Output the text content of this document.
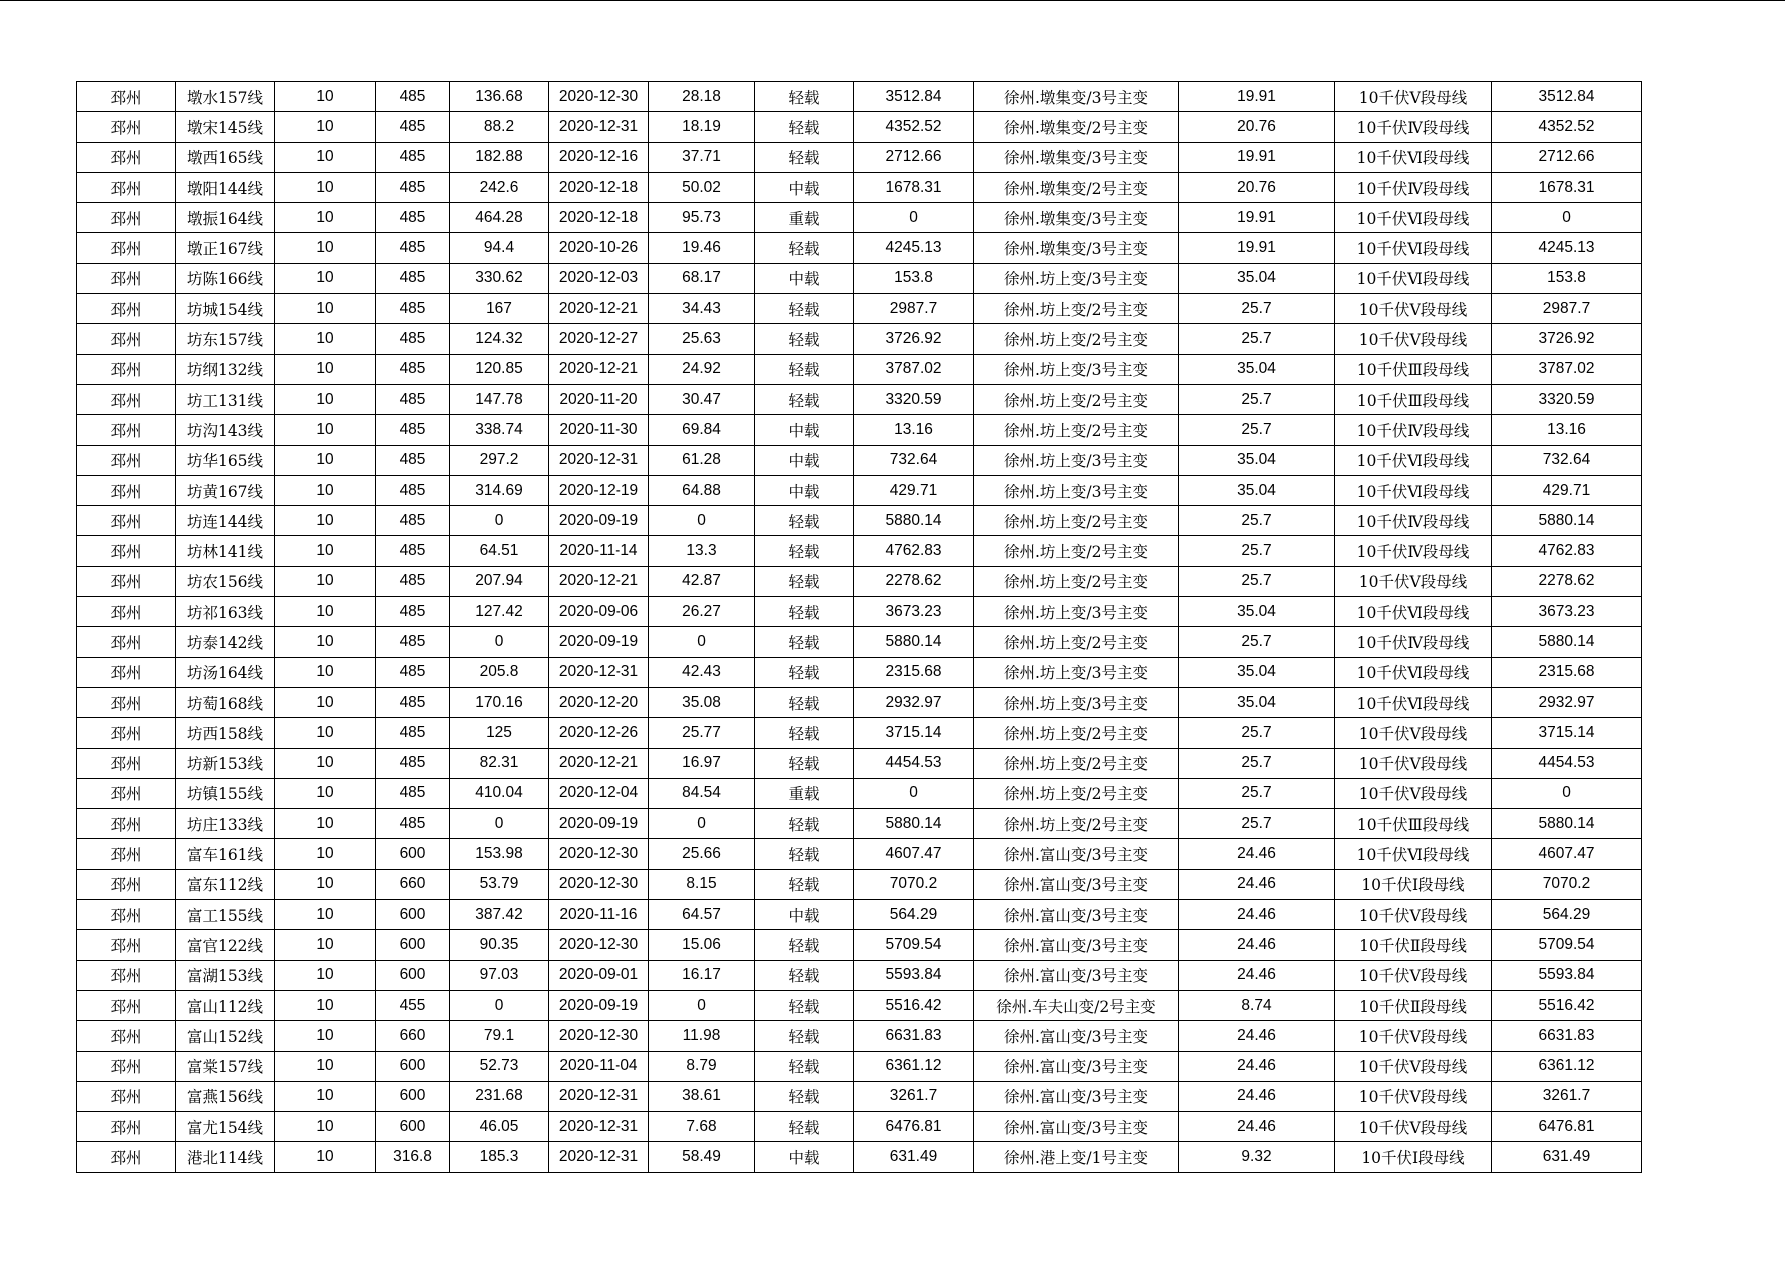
邳州	墩水157线	10	485	136.68	2020-12-30	28.18	轻载	3512.84	徐州.墩集变/3号主变	19.91	10千伏Ⅴ段母线	3512.84
邳州	墩宋145线	10	485	88.2	2020-12-31	18.19	轻载	4352.52	徐州.墩集变/2号主变	20.76	10千伏Ⅳ段母线	4352.52
邳州	墩西165线	10	485	182.88	2020-12-16	37.71	轻载	2712.66	徐州.墩集变/3号主变	19.91	10千伏Ⅵ段母线	2712.66
邳州	墩阳144线	10	485	242.6	2020-12-18	50.02	中载	1678.31	徐州.墩集变/2号主变	20.76	10千伏Ⅳ段母线	1678.31
邳州	墩振164线	10	485	464.28	2020-12-18	95.73	重载	0	徐州.墩集变/3号主变	19.91	10千伏Ⅵ段母线	0
邳州	墩正167线	10	485	94.4	2020-10-26	19.46	轻载	4245.13	徐州.墩集变/3号主变	19.91	10千伏Ⅵ段母线	4245.13
邳州	坊陈166线	10	485	330.62	2020-12-03	68.17	中载	153.8	徐州.坊上变/3号主变	35.04	10千伏Ⅵ段母线	153.8
邳州	坊城154线	10	485	167	2020-12-21	34.43	轻载	2987.7	徐州.坊上变/2号主变	25.7	10千伏Ⅴ段母线	2987.7
邳州	坊东157线	10	485	124.32	2020-12-27	25.63	轻载	3726.92	徐州.坊上变/2号主变	25.7	10千伏Ⅴ段母线	3726.92
邳州	坊纲132线	10	485	120.85	2020-12-21	24.92	轻载	3787.02	徐州.坊上变/3号主变	35.04	10千伏Ⅲ段母线	3787.02
邳州	坊工131线	10	485	147.78	2020-11-20	30.47	轻载	3320.59	徐州.坊上变/2号主变	25.7	10千伏Ⅲ段母线	3320.59
邳州	坊沟143线	10	485	338.74	2020-11-30	69.84	中载	13.16	徐州.坊上变/2号主变	25.7	10千伏Ⅳ段母线	13.16
邳州	坊华165线	10	485	297.2	2020-12-31	61.28	中载	732.64	徐州.坊上变/3号主变	35.04	10千伏Ⅵ段母线	732.64
邳州	坊黄167线	10	485	314.69	2020-12-19	64.88	中载	429.71	徐州.坊上变/3号主变	35.04	10千伏Ⅵ段母线	429.71
邳州	坊连144线	10	485	0	2020-09-19	0	轻载	5880.14	徐州.坊上变/2号主变	25.7	10千伏Ⅳ段母线	5880.14
邳州	坊林141线	10	485	64.51	2020-11-14	13.3	轻载	4762.83	徐州.坊上变/2号主变	25.7	10千伏Ⅳ段母线	4762.83
邳州	坊农156线	10	485	207.94	2020-12-21	42.87	轻载	2278.62	徐州.坊上变/2号主变	25.7	10千伏Ⅴ段母线	2278.62
邳州	坊祁163线	10	485	127.42	2020-09-06	26.27	轻载	3673.23	徐州.坊上变/3号主变	35.04	10千伏Ⅵ段母线	3673.23
邳州	坊泰142线	10	485	0	2020-09-19	0	轻载	5880.14	徐州.坊上变/2号主变	25.7	10千伏Ⅳ段母线	5880.14
邳州	坊汤164线	10	485	205.8	2020-12-31	42.43	轻载	2315.68	徐州.坊上变/3号主变	35.04	10千伏Ⅵ段母线	2315.68
邳州	坊萄168线	10	485	170.16	2020-12-20	35.08	轻载	2932.97	徐州.坊上变/3号主变	35.04	10千伏Ⅵ段母线	2932.97
邳州	坊西158线	10	485	125	2020-12-26	25.77	轻载	3715.14	徐州.坊上变/2号主变	25.7	10千伏Ⅴ段母线	3715.14
邳州	坊新153线	10	485	82.31	2020-12-21	16.97	轻载	4454.53	徐州.坊上变/2号主变	25.7	10千伏Ⅴ段母线	4454.53
邳州	坊镇155线	10	485	410.04	2020-12-04	84.54	重载	0	徐州.坊上变/2号主变	25.7	10千伏Ⅴ段母线	0
邳州	坊庄133线	10	485	0	2020-09-19	0	轻载	5880.14	徐州.坊上变/2号主变	25.7	10千伏Ⅲ段母线	5880.14
邳州	富车161线	10	600	153.98	2020-12-30	25.66	轻载	4607.47	徐州.富山变/3号主变	24.46	10千伏Ⅵ段母线	4607.47
邳州	富东112线	10	660	53.79	2020-12-30	8.15	轻载	7070.2	徐州.富山变/3号主变	24.46	10千伏Ⅰ段母线	7070.2
邳州	富工155线	10	600	387.42	2020-11-16	64.57	中载	564.29	徐州.富山变/3号主变	24.46	10千伏Ⅴ段母线	564.29
邳州	富官122线	10	600	90.35	2020-12-30	15.06	轻载	5709.54	徐州.富山变/3号主变	24.46	10千伏Ⅱ段母线	5709.54
邳州	富湖153线	10	600	97.03	2020-09-01	16.17	轻载	5593.84	徐州.富山变/3号主变	24.46	10千伏Ⅴ段母线	5593.84
邳州	富山112线	10	455	0	2020-09-19	0	轻载	5516.42	徐州.车夫山变/2号主变	8.74	10千伏Ⅱ段母线	5516.42
邳州	富山152线	10	660	79.1	2020-12-30	11.98	轻载	6631.83	徐州.富山变/3号主变	24.46	10千伏Ⅴ段母线	6631.83
邳州	富棠157线	10	600	52.73	2020-11-04	8.79	轻载	6361.12	徐州.富山变/3号主变	24.46	10千伏Ⅴ段母线	6361.12
邳州	富燕156线	10	600	231.68	2020-12-31	38.61	轻载	3261.7	徐州.富山变/3号主变	24.46	10千伏Ⅴ段母线	3261.7
邳州	富尤154线	10	600	46.05	2020-12-31	7.68	轻载	6476.81	徐州.富山变/3号主变	24.46	10千伏Ⅴ段母线	6476.81
邳州	港北114线	10	316.8	185.3	2020-12-31	58.49	中载	631.49	徐州.港上变/1号主变	9.32	10千伏Ⅰ段母线	631.49
